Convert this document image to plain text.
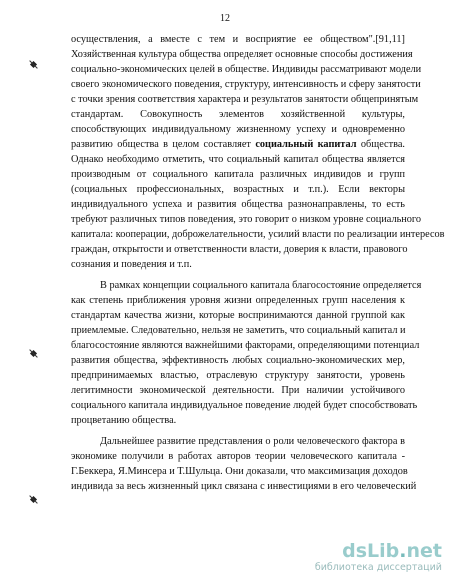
12
осуществления, а вместе с тем и восприятие ее обществом".[91,11]
Хозяйственная культура общества определяет основные способы достижения
социально-экономических целей в обществе. Индивиды рассматривают модели
своего экономического поведения, структуру, интенсивность и сферу занятости
с точки зрения соответствия характера и результатов занятости общепринятым
стандартам. Совокупность элементов хозяйственной культуры,
способствующих индивидуальному жизненному успеху и одновременно
развитию общества в целом составляет социальный капитал общества.
Однако необходимо отметить, что социальный капитал общества является
производным от социального капитала различных индивидов и групп
(социальных профессиональных, возрастных и т.п.). Если векторы
индивидуального успеха и развития общества разнонаправлены, то есть
требуют различных типов поведения, это говорит о низком уровне социального
капитала: кооперации, доброжелательности, усилий власти по реализации интересов
граждан, открытости и ответственности власти, доверия к власти, правового
сознания и поведения и т.п.
В рамках концепции социального капитала благосостояние определяется
как степень приближения уровня жизни определенных групп населения к
стандартам качества жизни, которые воспринимаются данной группой как
приемлемые. Следовательно, нельзя не заметить, что социальный капитал и
благосостояние являются важнейшими факторами, определяющими потенциал
развития общества, эффективность любых социально-экономических мер,
предпринимаемых властью, отраслевую структуру занятости, уровень
легитимности экономической деятельности. При наличии устойчивого
социального капитала индивидуальное поведение людей будет способствовать
процветанию общества.
Дальнейшее развитие представления о роли человеческого фактора в
экономике получили в работах авторов теории человеческого капитала -
Г.Беккера, Я.Минсера и Т.Шульца. Они доказали, что максимизация доходов
индивида за весь жизненный цикл связана с инвестициями в его человеческий
dsLib.net
библиотека диссертаций
